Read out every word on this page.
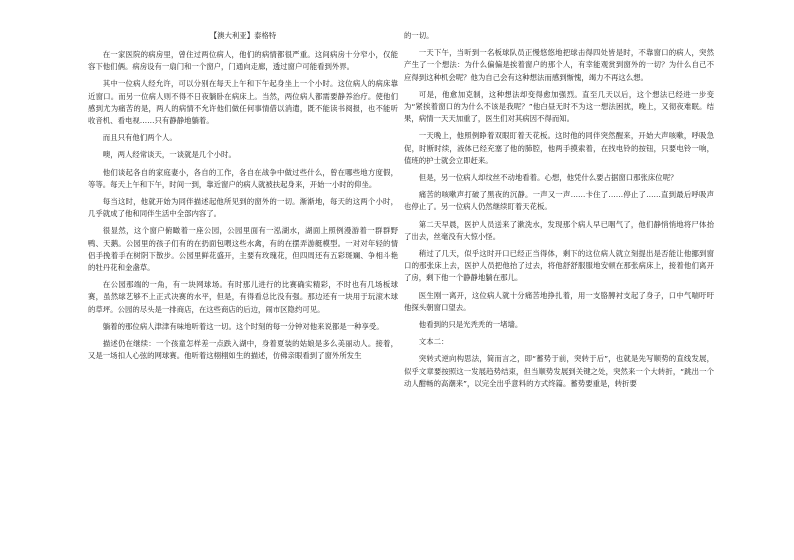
【澳大利亚】泰格特

在一家医院的病房里，曾住过两位病人，他们的病情都很严重。这间病房十分窄小，仅能容下他们俩。病房设有一扇门和一个窗户，门通向走廊，透过窗户可能看到外界。

其中一位病人经允许，可以分别在每天上午和下午起身坐上一个小时。这位病人的病床靠近窗口。而另一位病人则不得不日夜躺卧在病床上。当然，两位病人都需要静养治疗。使他们感到尤为痛苦的是，两人的病情不允许他们做任何事情借以消遣，既不能读书阅报，也不能听收音机、看电视……只有静静地躺着。

而且只有他们两个人。

噢，两人经常谈天，一谈就是几个小时。

他们谈起各自的家庭妻小，各自的工作，各自在战争中做过些什么，曾在哪些地方度假，等等。每天上午和下午，时间一到，靠近窗户的病人就被扶起身来，开始一小时的仰坐。

每当这时，他就开始为同伴描述起他所见到的窗外的一切。渐渐地，每天的这两个小时，几乎就成了他和同伴生活中全部内容了。

很显然，这个窗户俯瞰着一座公园，公园里面有一泓湖水，湖面上照例漫游着一群群野鸭、天鹅。公园里的孩子们有的在扔面包喂这些水禽，有的在摆弄游艇模型。一对对年轻的情侣手挽着手在树阴下散步。公园里鲜花盛开，主要有玫瑰花，但四周还有五彩斑斓、争相斗艳的牡丹花和金盏草。

在公园那端的一角，有一块网球场。有时那儿进行的比赛确实精彩，不时也有几场板球赛，虽然球艺够不上正式决赛的水平，但是，有得看总比没有强。那边还有一块用于玩滚木球的草坪。公园的尽头是一排商店，在这些商店的后边，闹市区隐约可见。

躺着的那位病人津津有味地听着这一切。这个时刻的每一分钟对他来说都是一种享受。

描述仍在继续：一个孩童怎样差一点跌入湖中，身着夏装的姑娘是多么美丽动人。接着，又是一场扣人心弦的网球赛。他听着这栩栩如生的描述，仿佛亲眼看到了窗外所发生

的一切。

一天下午，当听到一名板球队员正慢悠悠地把球击得四处皆是时，不靠窗口的病人，突然产生了一个想法：为什么偏偏是挨着窗户的那个人，有幸能观赏到窗外的一切？为什么自己不应得到这种机会呢？他为自己会有这种想法而感到惭愧，竭力不再这么想。

可是，他愈加克制，这种想法却变得愈加强烈。直至几天以后，这个想法已经进一步变为“紧挨着窗口的为什么不该是我呢？”他白昼无时不为这一想法困扰，晚上，又彻夜难眠。结果，病情一天天加重了，医生们对其病因不得而知。

一天晚上，他照例睁着双眼盯着天花板。这时他的同伴突然醒来，开始大声咳嗽，呼吸急促，时断时续，液体已经充塞了他的肺腔，他两手摸索着，在找电铃的按钮，只要电铃一响，值班的护士就会立即赶来。

但是，另一位病人却纹丝不动地看着。心想，他凭什么要占据窗口那张床位呢？

痛苦的咳嗽声打破了黑夜的沉静。一声又一声……卡住了……停止了……直到最后呼吸声也停止了。另一位病人仍然继续盯着天花板。

第二天早晨，医护人员送来了漱洗水，发现那个病人早已咽气了，他们静悄悄地将尸体抬了出去，丝毫没有大惊小怪。

稍过了几天，似乎这时开口已经正当得体，剩下的这位病人就立刻提出是否能让他挪到窗口的那张床上去，医护人员把他抬了过去，将他舒舒服服地安顿在那张病床上，接着他们离开了房，剩下他一个静静地躺在那儿。

医生刚一离开，这位病人就十分痛苦地挣扎着，用一支胳膊衬支起了身子，口中气喘吁吁他探头朝窗口望去。

他看到的只是光秃秃的一堵墙。

文本二：

突转式逆向构思法，简而言之，即“蓄势于前，突转于后”，也就是先写顺势的直线发展，似乎文章要按照这一发展趋势结束，但当顺势发展到关键之处，突然来一个大转折，“跳出一个动人酣畅的高潮来”，以完全出乎意料的方式终篇。蓄势要重是，转折要
